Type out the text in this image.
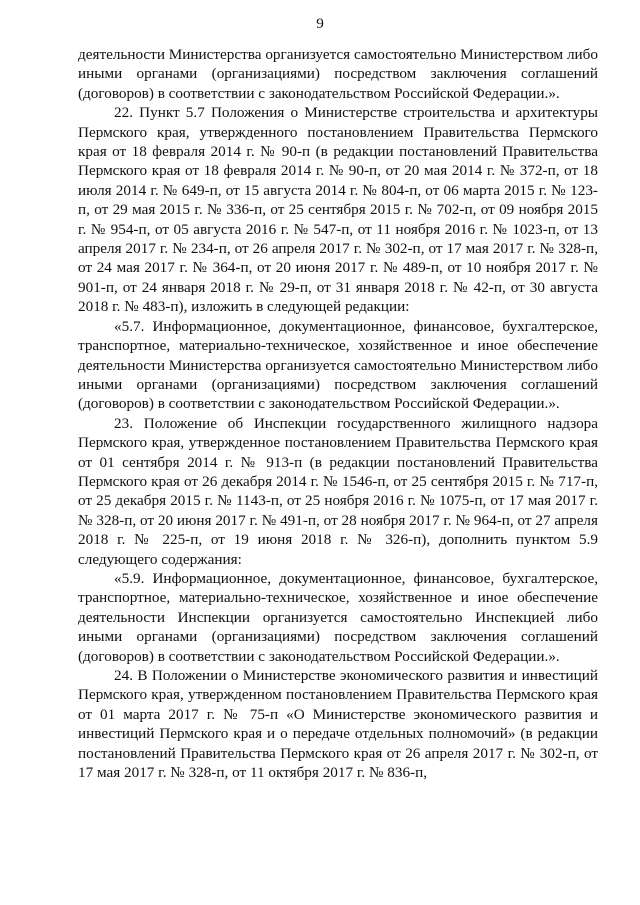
9

деятельности Министерства организуется самостоятельно Министерством либо иными органами (организациями) посредством заключения соглашений (договоров) в соответствии с законодательством Российской Федерации.».

22. Пункт 5.7 Положения о Министерстве строительства и архитектуры Пермского края, утвержденного постановлением Правительства Пермского края от 18 февраля 2014 г. № 90-п (в редакции постановлений Правительства Пермского края от 18 февраля 2014 г. № 90-п, от 20 мая 2014 г. № 372-п, от 18 июля 2014 г. № 649-п, от 15 августа 2014 г. № 804-п, от 06 марта 2015 г. № 123-п, от 29 мая 2015 г. № 336-п, от 25 сентября 2015 г. № 702-п, от 09 ноября 2015 г. № 954-п, от 05 августа 2016 г. № 547-п, от 11 ноября 2016 г. № 1023-п, от 13 апреля 2017 г. № 234-п, от 26 апреля 2017 г. № 302-п, от 17 мая 2017 г. № 328-п, от 24 мая 2017 г. № 364-п, от 20 июня 2017 г. № 489-п, от 10 ноября 2017 г. № 901-п, от 24 января 2018 г. № 29-п, от 31 января 2018 г. № 42-п, от 30 августа 2018 г. № 483-п), изложить в следующей редакции:

«5.7. Информационное, документационное, финансовое, бухгалтерское, транспортное, материально-техническое, хозяйственное и иное обеспечение деятельности Министерства организуется самостоятельно Министерством либо иными органами (организациями) посредством заключения соглашений (договоров) в соответствии с законодательством Российской Федерации.».

23. Положение об Инспекции государственного жилищного надзора Пермского края, утвержденное постановлением Правительства Пермского края от 01 сентября 2014 г. № 913-п (в редакции постановлений Правительства Пермского края от 26 декабря 2014 г. № 1546-п, от 25 сентября 2015 г. № 717-п, от 25 декабря 2015 г. № 1143-п, от 25 ноября 2016 г. № 1075-п, от 17 мая 2017 г. № 328-п, от 20 июня 2017 г. № 491-п, от 28 ноября 2017 г. № 964-п, от 27 апреля 2018 г. № 225-п, от 19 июня 2018 г. № 326-п), дополнить пунктом 5.9 следующего содержания:

«5.9. Информационное, документационное, финансовое, бухгалтерское, транспортное, материально-техническое, хозяйственное и иное обеспечение деятельности Инспекции организуется самостоятельно Инспекцией либо иными органами (организациями) посредством заключения соглашений (договоров) в соответствии с законодательством Российской Федерации.».

24. В Положении о Министерстве экономического развития и инвестиций Пермского края, утвержденном постановлением Правительства Пермского края от 01 марта 2017 г. № 75-п «О Министерстве экономического развития и инвестиций Пермского края и о передаче отдельных полномочий» (в редакции постановлений Правительства Пермского края от 26 апреля 2017 г. № 302-п, от 17 мая 2017 г. № 328-п, от 11 октября 2017 г. № 836-п,
